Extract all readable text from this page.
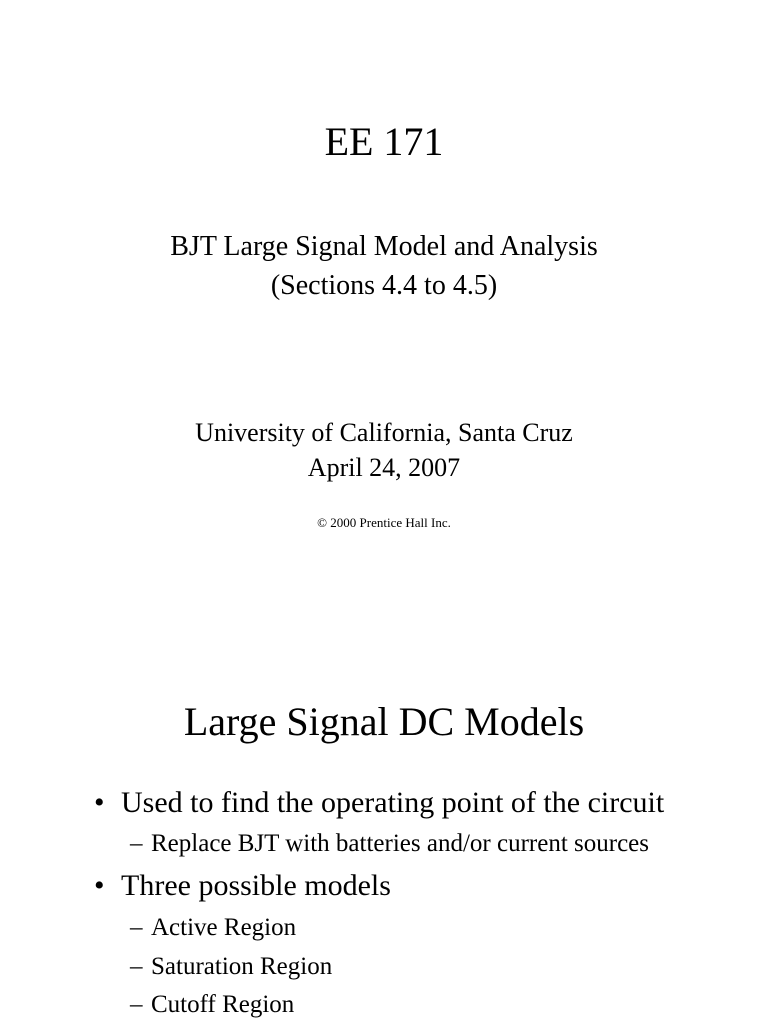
EE 171
BJT Large Signal Model and Analysis
(Sections 4.4 to 4.5)
University of California, Santa Cruz
April 24, 2007
© 2000 Prentice Hall Inc.
Large Signal DC Models
• Used to find the operating point of the circuit
– Replace BJT with batteries and/or current sources
• Three possible models
– Active Region
– Saturation Region
– Cutoff Region
